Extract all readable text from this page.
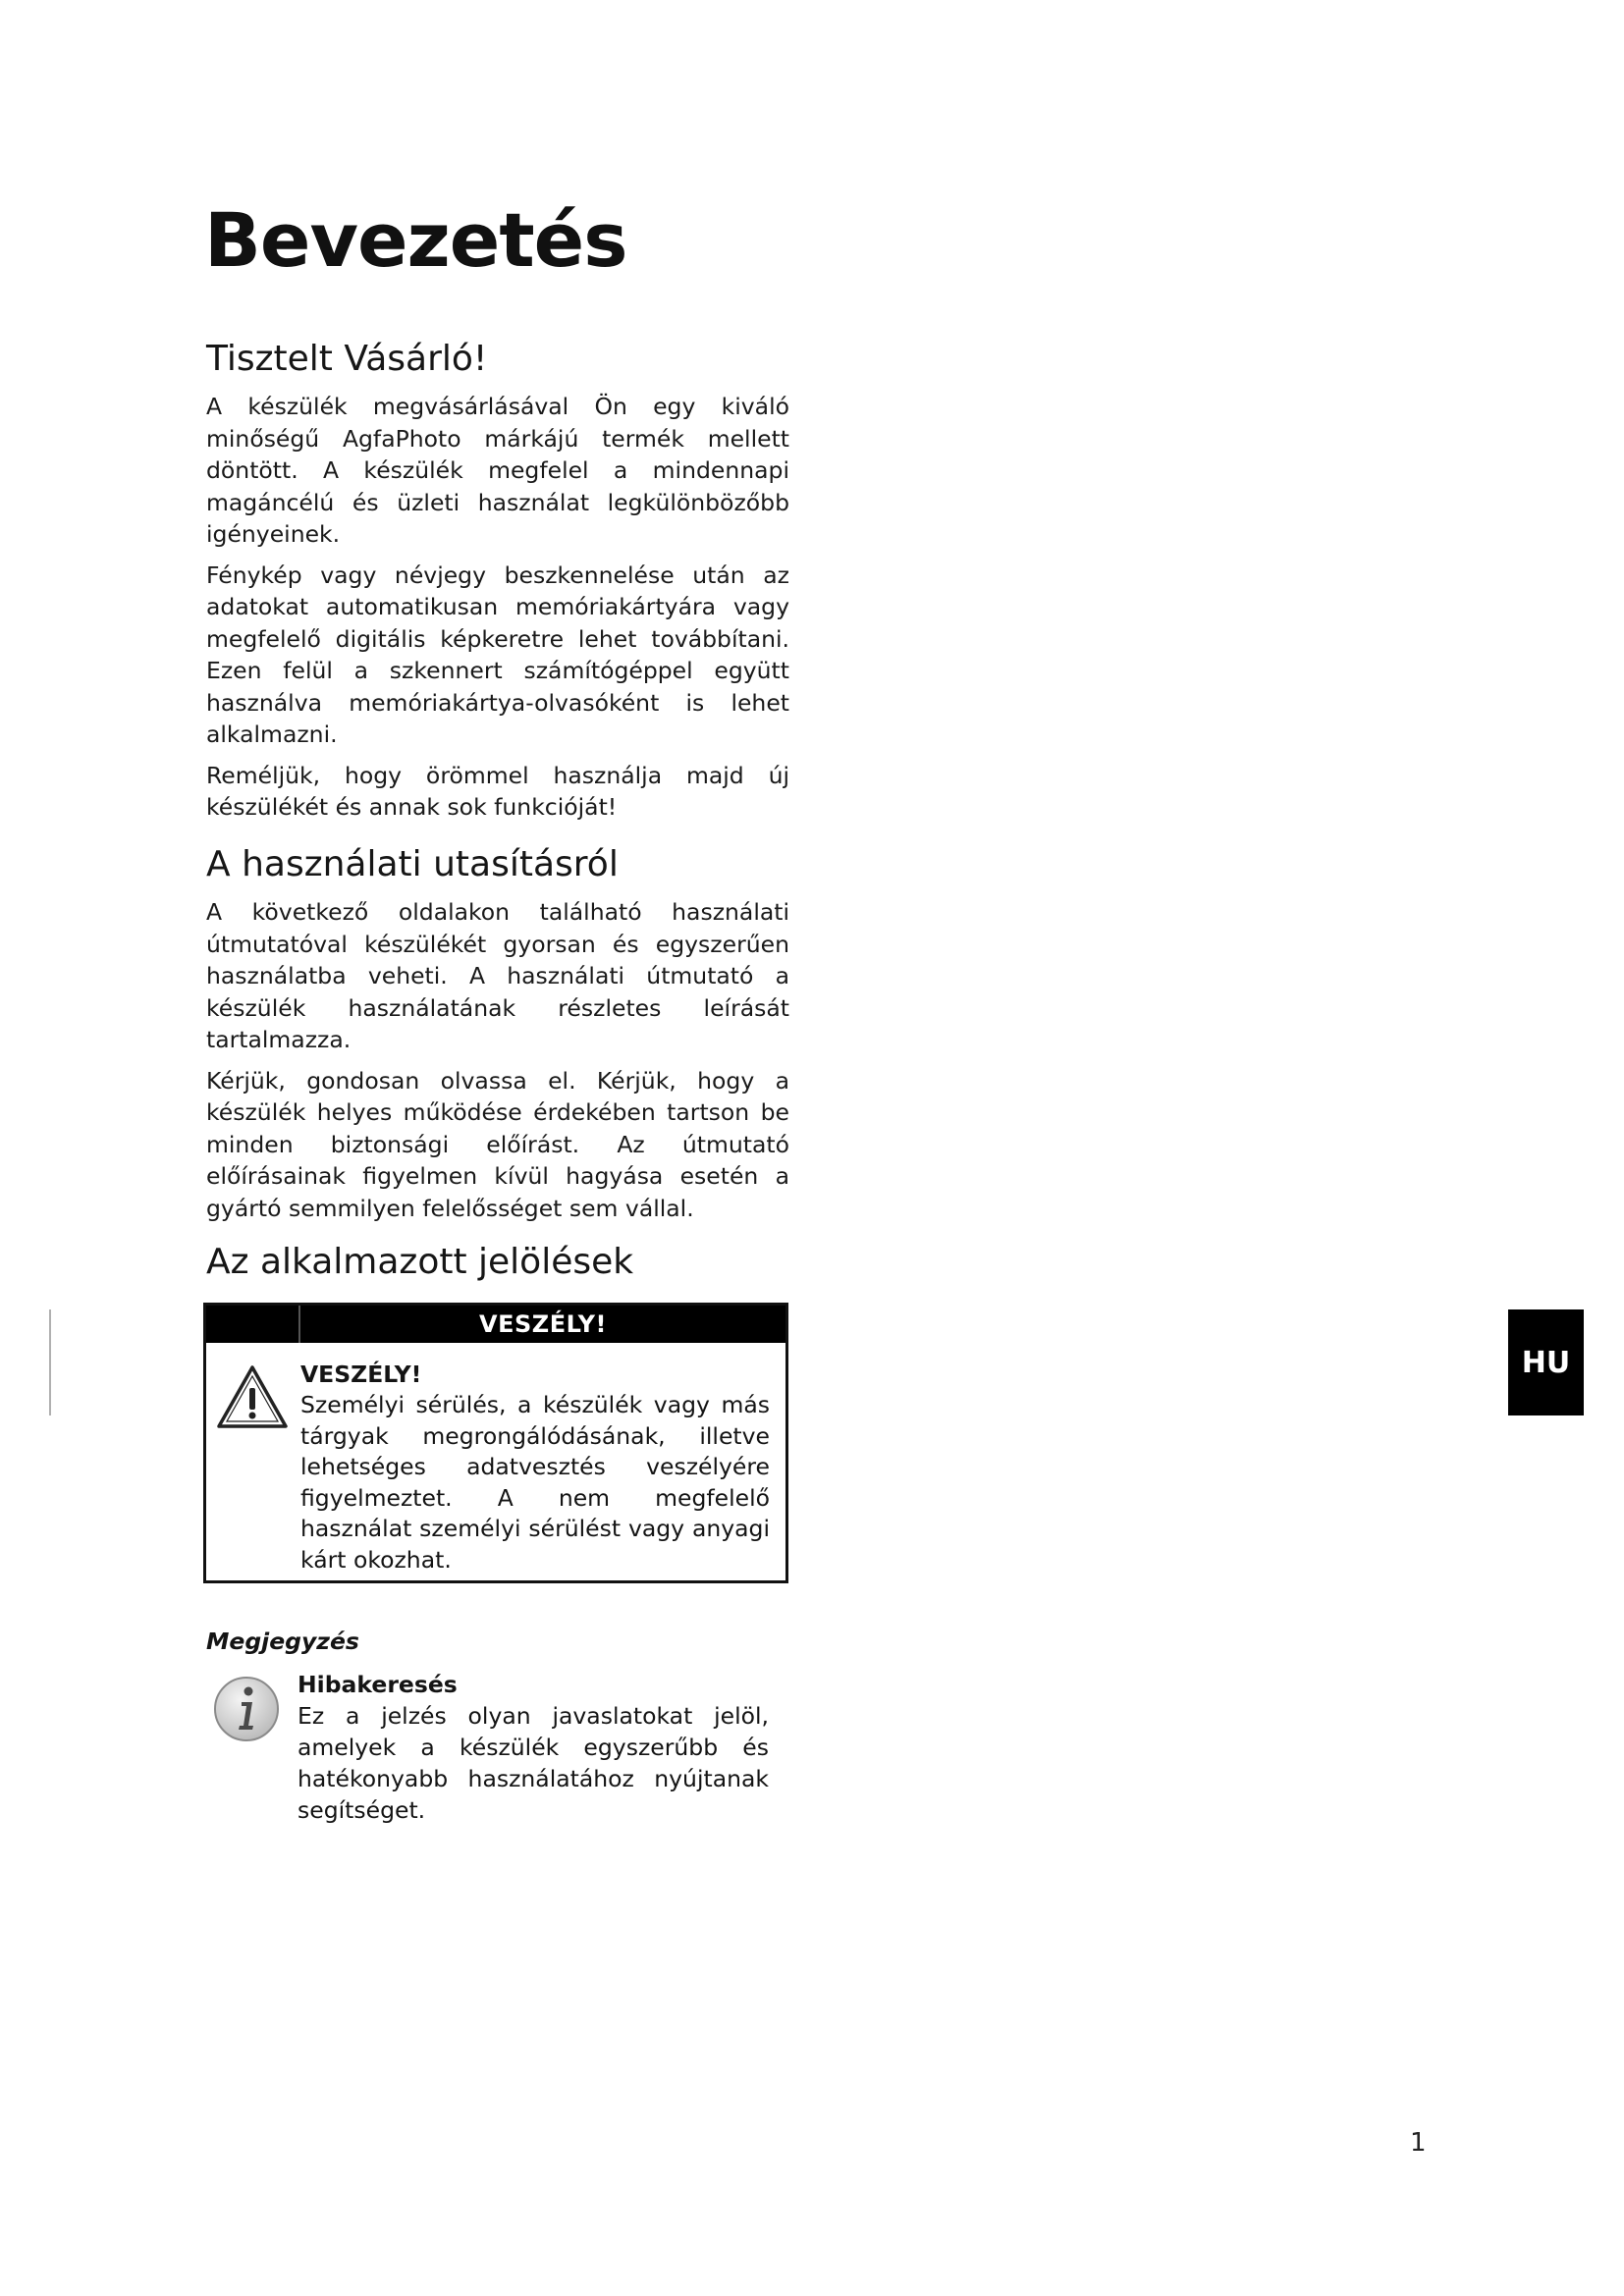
Bevezetés
Tisztelt Vásárló!

A készülék megvásárlásával Ön egy kiváló minőségű AgfaPhoto márkájú termék mellett döntött. A készülék megfelel a mindennapi magáncélú és üzleti használat legkülönbözőbb igényeinek.

Fénykép vagy névjegy beszkennelése után az adatokat automatikusan memóriakártyára vagy megfelelő digitális képkeretre lehet továbbítani. Ezen felül a szkennert számítógéppel együtt használva memóriakártya-olvasóként is lehet alkalmazni.

Reméljük, hogy örömmel használja majd új készülékét és annak sok funkcióját!

A használati utasításról

A következő oldalakon található használati útmutatóval készülékét gyorsan és egyszerűen használatba veheti. A használati útmutató a készülék használatának részletes leírását tartalmazza.

Kérjük, gondosan olvassa el. Kérjük, hogy a készülék helyes működése érdekében tartson be minden biztonsági előírást. Az útmutató előírásainak figyelmen kívül hagyása esetén a gyártó semmilyen felelősséget sem vállal.

Az alkalmazott jelölések
VESZÉLY!
VESZÉLY!

Személyi sérülés, a készülék vagy más tárgyak megrongálódásának, illetve lehetséges adatvesztés veszélyére figyelmeztet. A nem megfelelő használat személyi sérülést vagy anyagi kárt okozhat.

Megjegyzés
Hibakeresés

Ez a jelzés olyan javaslatokat jelöl, amelyek a készülék egyszerűbb és hatékonyabb használatához nyújtanak segítséget.

HU
1
